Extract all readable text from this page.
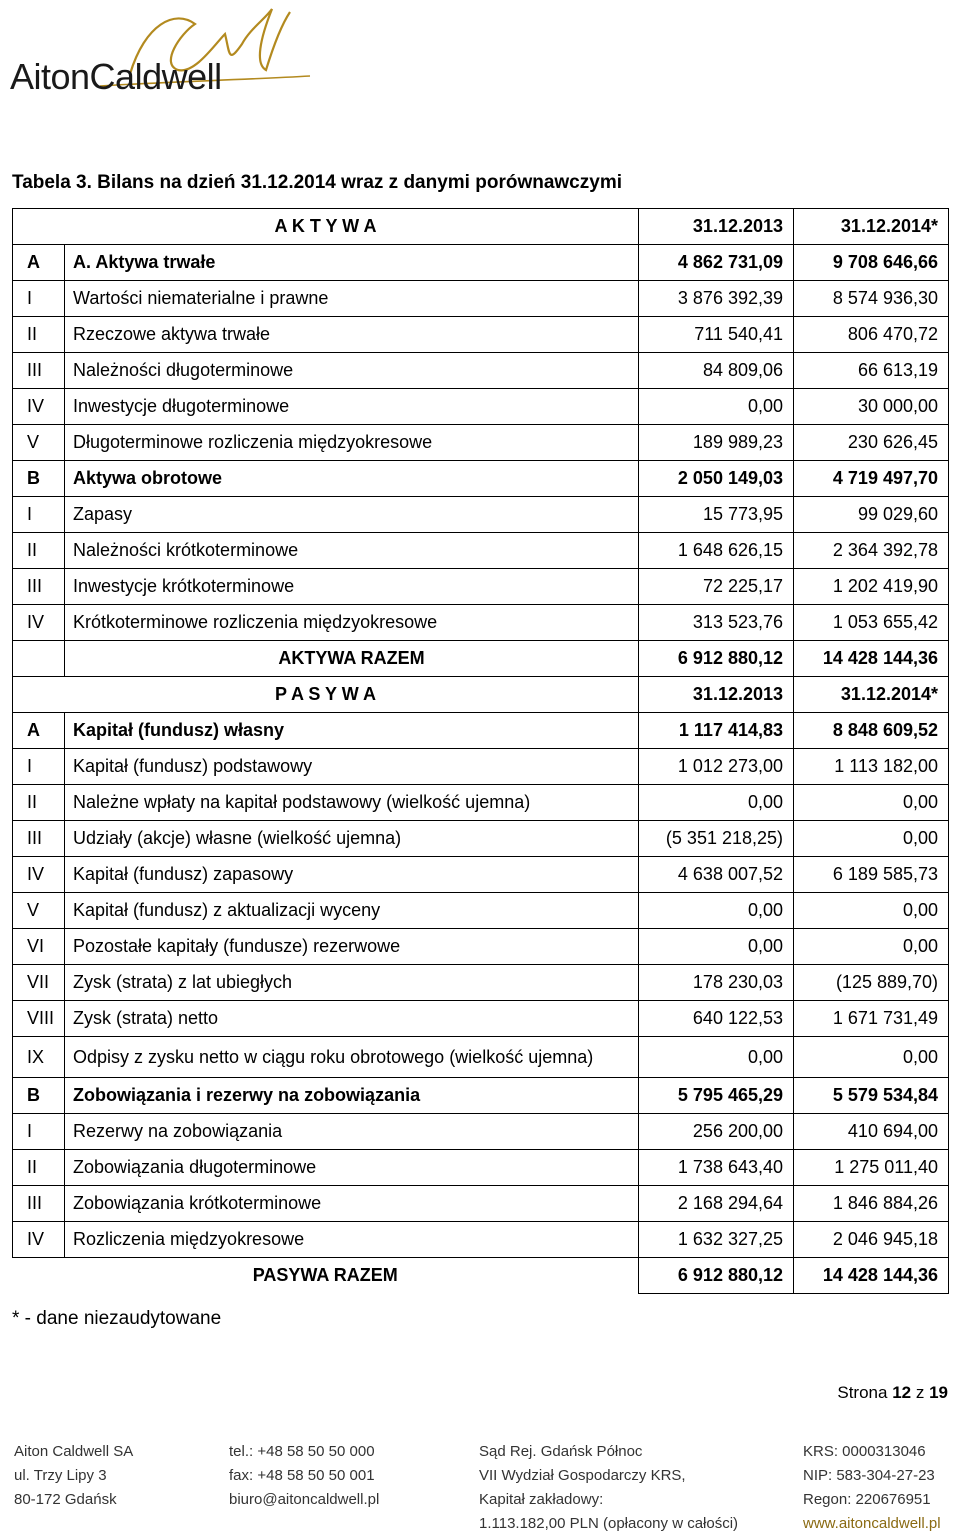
AitonCaldwell
Tabela 3. Bilans na dzień 31.12.2014 wraz z danymi porównawczymi
A K T Y W A		31.12.2013	31.12.2014*
A	A. Aktywa trwałe	4 862 731,09	9 708 646,66
I	Wartości niematerialne i prawne	3 876 392,39	8 574 936,30
II	Rzeczowe aktywa trwałe	711 540,41	806 470,72
III	Należności długoterminowe	84 809,06	66 613,19
IV	Inwestycje długoterminowe	0,00	30 000,00
V	Długoterminowe rozliczenia międzyokresowe	189 989,23	230 626,45
B	Aktywa obrotowe	2 050 149,03	4 719 497,70
I	Zapasy	15 773,95	99 029,60
II	Należności krótkoterminowe	1 648 626,15	2 364 392,78
III	Inwestycje krótkoterminowe	72 225,17	1 202 419,90
IV	Krótkoterminowe rozliczenia międzyokresowe	313 523,76	1 053 655,42
	AKTYWA RAZEM	6 912 880,12	14 428 144,36
P A S Y W A		31.12.2013	31.12.2014*
A	Kapitał (fundusz) własny	1 117 414,83	8 848 609,52
I	Kapitał (fundusz) podstawowy	1 012 273,00	1 113 182,00
II	Należne wpłaty na kapitał podstawowy (wielkość ujemna)	0,00	0,00
III	Udziały (akcje) własne (wielkość ujemna)	(5 351 218,25)	0,00
IV	Kapitał (fundusz) zapasowy	4 638 007,52	6 189 585,73
V	Kapitał (fundusz) z aktualizacji wyceny	0,00	0,00
VI	Pozostałe kapitały (fundusze) rezerwowe	0,00	0,00
VII	Zysk (strata) z lat ubiegłych	178 230,03	(125 889,70)
VIII	Zysk (strata) netto	640 122,53	1 671 731,49
IX	Odpisy z zysku netto w ciągu roku obrotowego (wielkość ujemna)	0,00	0,00
B	Zobowiązania i rezerwy na zobowiązania	5 795 465,29	5 579 534,84
I	Rezerwy na zobowiązania	256 200,00	410 694,00
II	Zobowiązania długoterminowe	1 738 643,40	1 275 011,40
III	Zobowiązania krótkoterminowe	2 168 294,64	1 846 884,26
IV	Rozliczenia międzyokresowe	1 632 327,25	2 046 945,18
PASYWA RAZEM		6 912 880,12	14 428 144,36
* - dane niezaudytowane
Strona 12 z 19
Aiton Caldwell SA
ul. Trzy Lipy 3
80-172 Gdańsk
tel.: +48 58 50 50 000
fax: +48 58 50 50 001
biuro@aitoncaldwell.pl
Sąd Rej. Gdańsk Północ
VII Wydział Gospodarczy KRS,
Kapitał zakładowy:
1.113.182,00 PLN (opłacony w całości)
KRS: 0000313046
NIP: 583-304-27-23
Regon: 220676951
www.aitoncaldwell.pl
